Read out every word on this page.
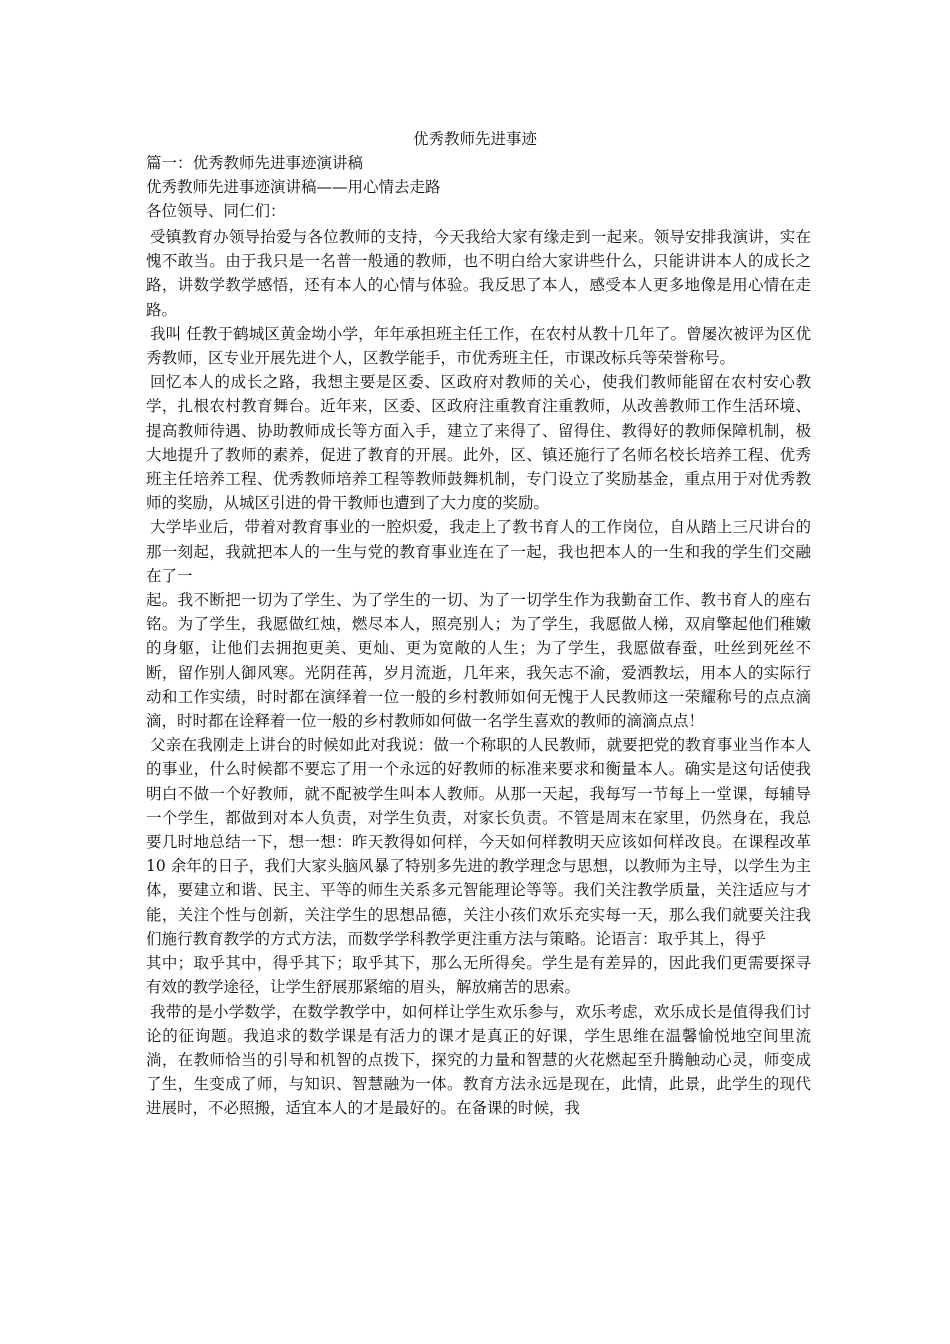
优秀教师先进事迹
篇一：优秀教师先进事迹演讲稿
优秀教师先进事迹演讲稿——用心情去走路
各位领导、同仁们：

受镇教育办领导抬爱与各位教师的支持，今天我给大家有缘走到一起来。领导安排我演讲，实在愧不敢当。由于我只是一名普一般通的教师，也不明白给大家讲些什么，只能讲讲本人的成长之路，讲数学教学感悟，还有本人的心情与体验。我反思了本人，感受本人更多地像是用心情在走路。

我叫 任教于鹤城区黄金坳小学，年年承担班主任工作，在农村从教十几年了。曾屡次被评为区优秀教师，区专业开展先进个人，区教学能手，市优秀班主任，市课改标兵等荣誉称号。

回忆本人的成长之路，我想主要是区委、区政府对教师的关心，使我们教师能留在农村安心教学，扎根农村教育舞台。近年来，区委、区政府注重教育注重教师，从改善教师工作生活环境、提高教师待遇、协助教师成长等方面入手，建立了来得了、留得住、教得好的教师保障机制，极大地提升了教师的素养，促进了教育的开展。此外，区、镇还施行了名师名校长培养工程、优秀班主任培养工程、优秀教师培养工程等教师鼓舞机制，专门设立了奖励基金，重点用于对优秀教师的奖励，从城区引进的骨干教师也遭到了大力度的奖励。

大学毕业后，带着对教育事业的一腔炽爱，我走上了教书育人的工作岗位，自从踏上三尺讲台的那一刻起，我就把本人的一生与党的教育事业连在了一起，我也把本人的一生和我的学生们交融在了一

起。我不断把一切为了学生、为了学生的一切、为了一切学生作为我勤奋工作、教书育人的座右铭。为了学生，我愿做红烛，燃尽本人，照亮别人；为了学生，我愿做人梯，双肩擎起他们稚嫩的身躯，让他们去拥抱更美、更灿、更为宽敞的人生；为了学生，我愿做春蚕，吐丝到死丝不断，留作别人御风寒。光阴荏苒，岁月流逝，几年来，我矢志不渝，爱洒教坛，用本人的实际行动和工作实绩，时时都在演绎着一位一般的乡村教师如何无愧于人民教师这一荣耀称号的点点滴滴，时时都在诠释着一位一般的乡村教师如何做一名学生喜欢的教师的滴滴点点！

父亲在我刚走上讲台的时候如此对我说：做一个称职的人民教师，就要把党的教育事业当作本人的事业，什么时候都不要忘了用一个永远的好教师的标准来要求和衡量本人。确实是这句话使我明白不做一个好教师，就不配被学生叫本人教师。从那一天起，我每写一节每上一堂课，每辅导一个学生，都做到对本人负责，对学生负责，对家长负责。不管是周末在家里，仍然身在，我总要几时地总结一下，想一想：昨天教得如何样，今天如何样教明天应该如何样改良。在课程改革 10 余年的日子，我们大家头脑风暴了特别多先进的教学理念与思想，以教师为主导，以学生为主体，要建立和谐、民主、平等的师生关系多元智能理论等等。我们关注教学质量，关注适应与才能，关注个性与创新，关注学生的思想品德，关注小孩们欢乐充实每一天，那么我们就要关注我们施行教育教学的方式方法，而数学学科教学更注重方法与策略。论语言：取乎其上，得乎

其中；取乎其中，得乎其下；取乎其下，那么无所得矣。学生是有差异的，因此我们更需要探寻有效的教学途径，让学生舒展那紧缩的眉头，解放痛苦的思索。

我带的是小学数学，在数学教学中，如何样让学生欢乐参与，欢乐考虑，欢乐成长是值得我们讨论的征询题。我追求的数学课是有活力的课才是真正的好课，学生思维在温馨愉悦地空间里流淌，在教师恰当的引导和机智的点拨下，探究的力量和智慧的火花燃起至升腾触动心灵，师变成了生，生变成了师，与知识、智慧融为一体。教育方法永远是现在，此情，此景，此学生的现代进展时，不必照搬，适宜本人的才是最好的。在备课的时候，我
